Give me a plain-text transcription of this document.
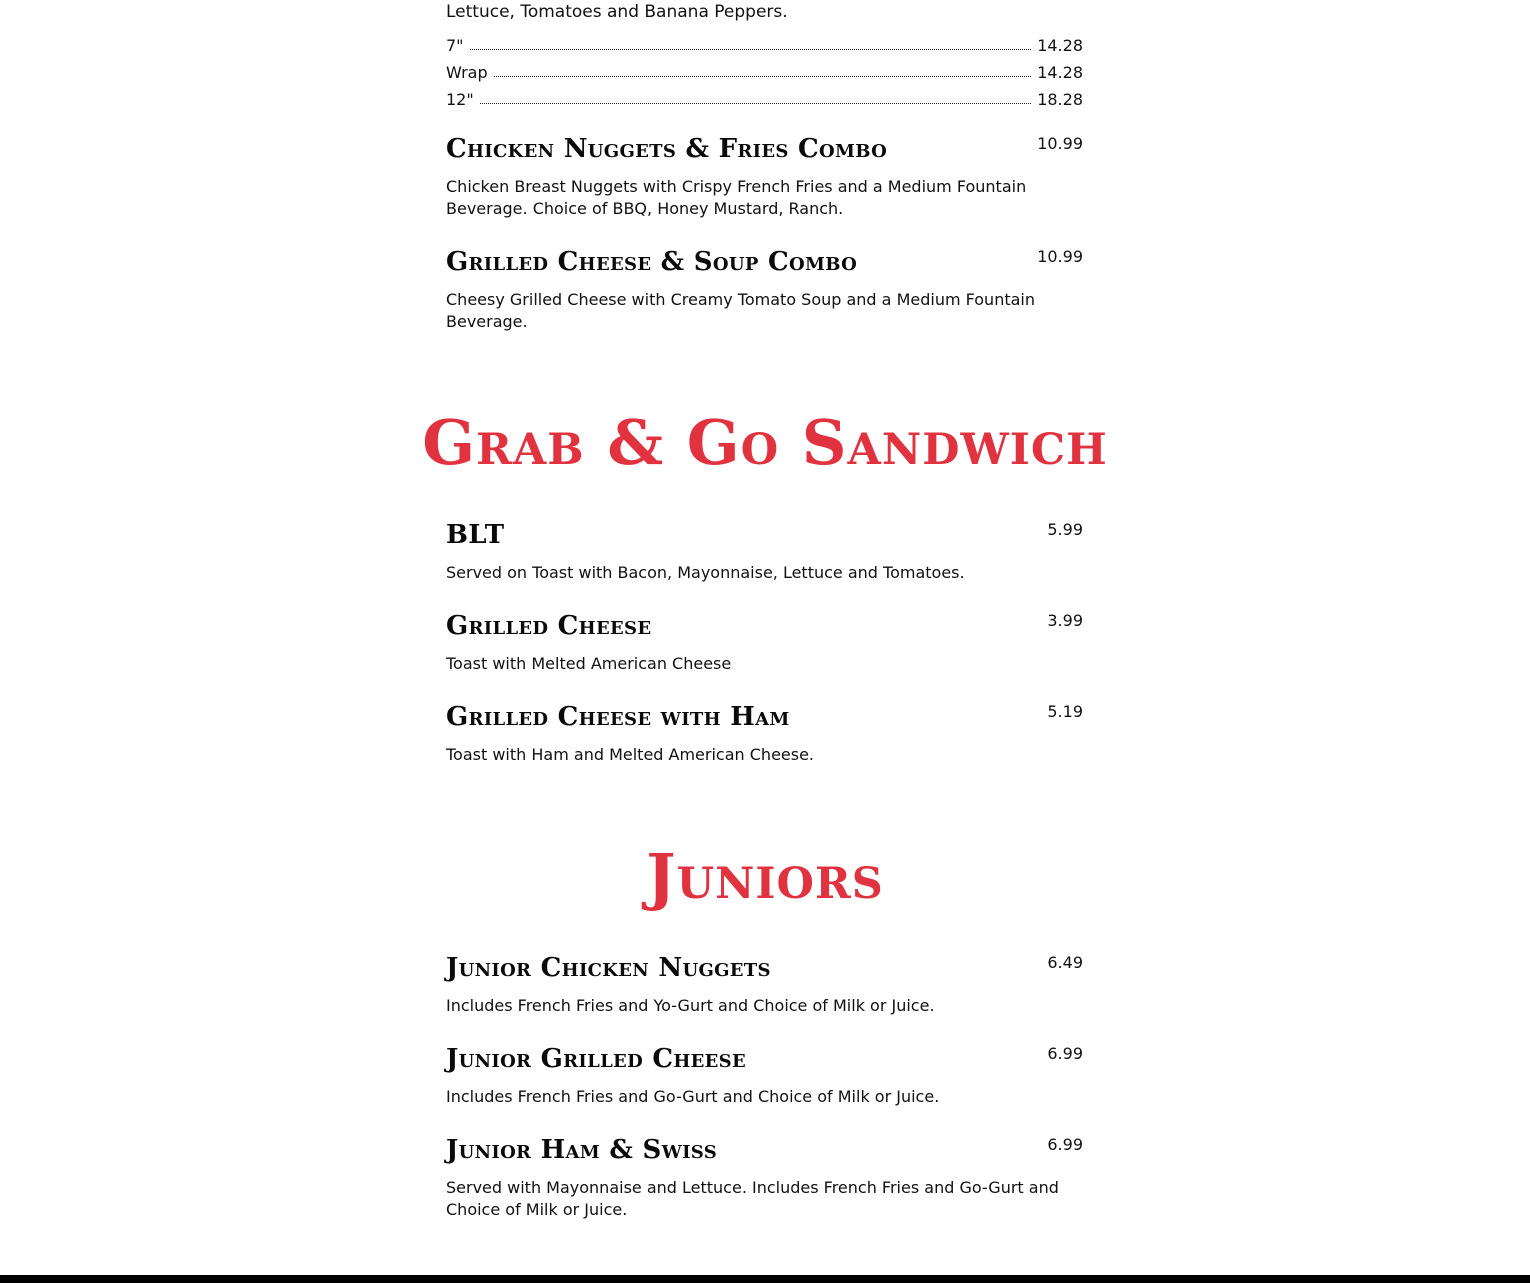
Lettuce, Tomatoes and Banana Peppers.
7"	14.28
Wrap	14.28
12"	18.28
Chicken Nuggets & Fries Combo	10.99
Chicken Breast Nuggets with Crispy French Fries and a Medium Fountain Beverage. Choice of BBQ, Honey Mustard, Ranch.
Grilled Cheese & Soup Combo	10.99
Cheesy Grilled Cheese with Creamy Tomato Soup and a Medium Fountain Beverage.
Grab & Go Sandwich
BLT	5.99
Served on Toast with Bacon, Mayonnaise, Lettuce and Tomatoes.
Grilled Cheese	3.99
Toast with Melted American Cheese
Grilled Cheese with Ham	5.19
Toast with Ham and Melted American Cheese.
Juniors
Junior Chicken Nuggets	6.49
Includes French Fries and Yo-Gurt and Choice of Milk or Juice.
Junior Grilled Cheese	6.99
Includes French Fries and Go-Gurt and Choice of Milk or Juice.
Junior Ham & Swiss	6.99
Served with Mayonnaise and Lettuce. Includes French Fries and Go-Gurt and Choice of Milk or Juice.
